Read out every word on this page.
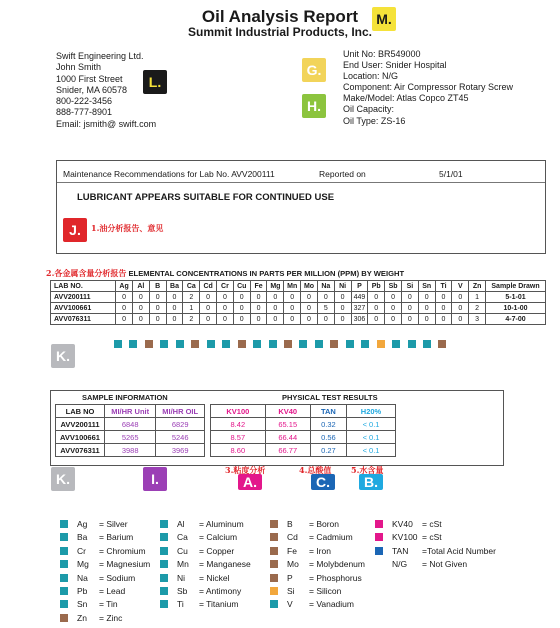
Oil Analysis Report
Summit Industrial Products, Inc.
M.
L.
G.
H.
Swift Engineering Ltd.
John Smith
1000 First Street
Snider, MA 60578
800-222-3456
888-777-8901
Email: jsmith@ swift.com
Unit No: BR549000
End User: Snider Hospital
Location: N/G
Component: Air Compressor Rotary Screw
Make/Model: Atlas Copco ZT45
Oil Capacity:
Oil Type: ZS-16
Maintenance Recommendations for Lab No. AVV200111	Reported on	5/1/01
LUBRICANT APPEARS SUITABLE FOR CONTINUED USE
J.	1.油分析报告、意见
2.各金属含量分析报告 ELEMENTAL CONCENTRATIONS IN PARTS PER MILLION (PPM) BY WEIGHT
LAB NO.	Ag	Al	B	Ba	Ca	Cd	Cr	Cu	Fe	Mg	Mn	Mo	Na	Ni	P	Pb	Sb	Si	Sn	Ti	V	Zn	Sample Drawn
AVV200111	0	0	0	0	2	0	0	0	0	0	0	0	0	0	449	0	0	0	0	0	0	1	5-1-01
AVV100661	0	0	0	0	1	0	0	0	0	0	0	0	5	0	327	0	0	0	0	0	0	2	10-1-00
AVV076311	0	0	0	0	2	0	0	0	0	0	0	0	0	0	306	0	0	0	0	0	0	3	4-7-00
K.
SAMPLE INFORMATION	PHYSICAL TEST RESULTS
LAB NO	MI/HR Unit	MI/HR OIL
AVV200111	6848	6829
AVV100661	5265	5246
AVV076311	3988	3969
KV100	KV40	TAN	H20%
8.42	65.15	0.32	< 0.1
8.57	66.44	0.56	< 0.1
8.60	66.77	0.27	< 0.1
K.	I.	A.	C.	B.
3.粘度分析	4.总酸值 5.水含量
Ag	= Silver
Ba	= Barium
Cr	= Chromium
Mg	= Magnesium
Na	= Sodium
Pb	= Lead
Sn	= Tin
Zn	= Zinc
Al	= Aluminum
Ca	= Calcium
Cu	= Copper
Mn	= Manganese
Ni	= Nickel
Sb	= Antimony
Ti	= Titanium
B	= Boron
Cd	= Cadmium
Fe	= Iron
Mo	= Molybdenum
P	= Phosphorus
Si	= Silicon
V	= Vanadium
KV40	= cSt
KV100 = cSt
TAN	=Total Acid Number
N/G	= Not Given
